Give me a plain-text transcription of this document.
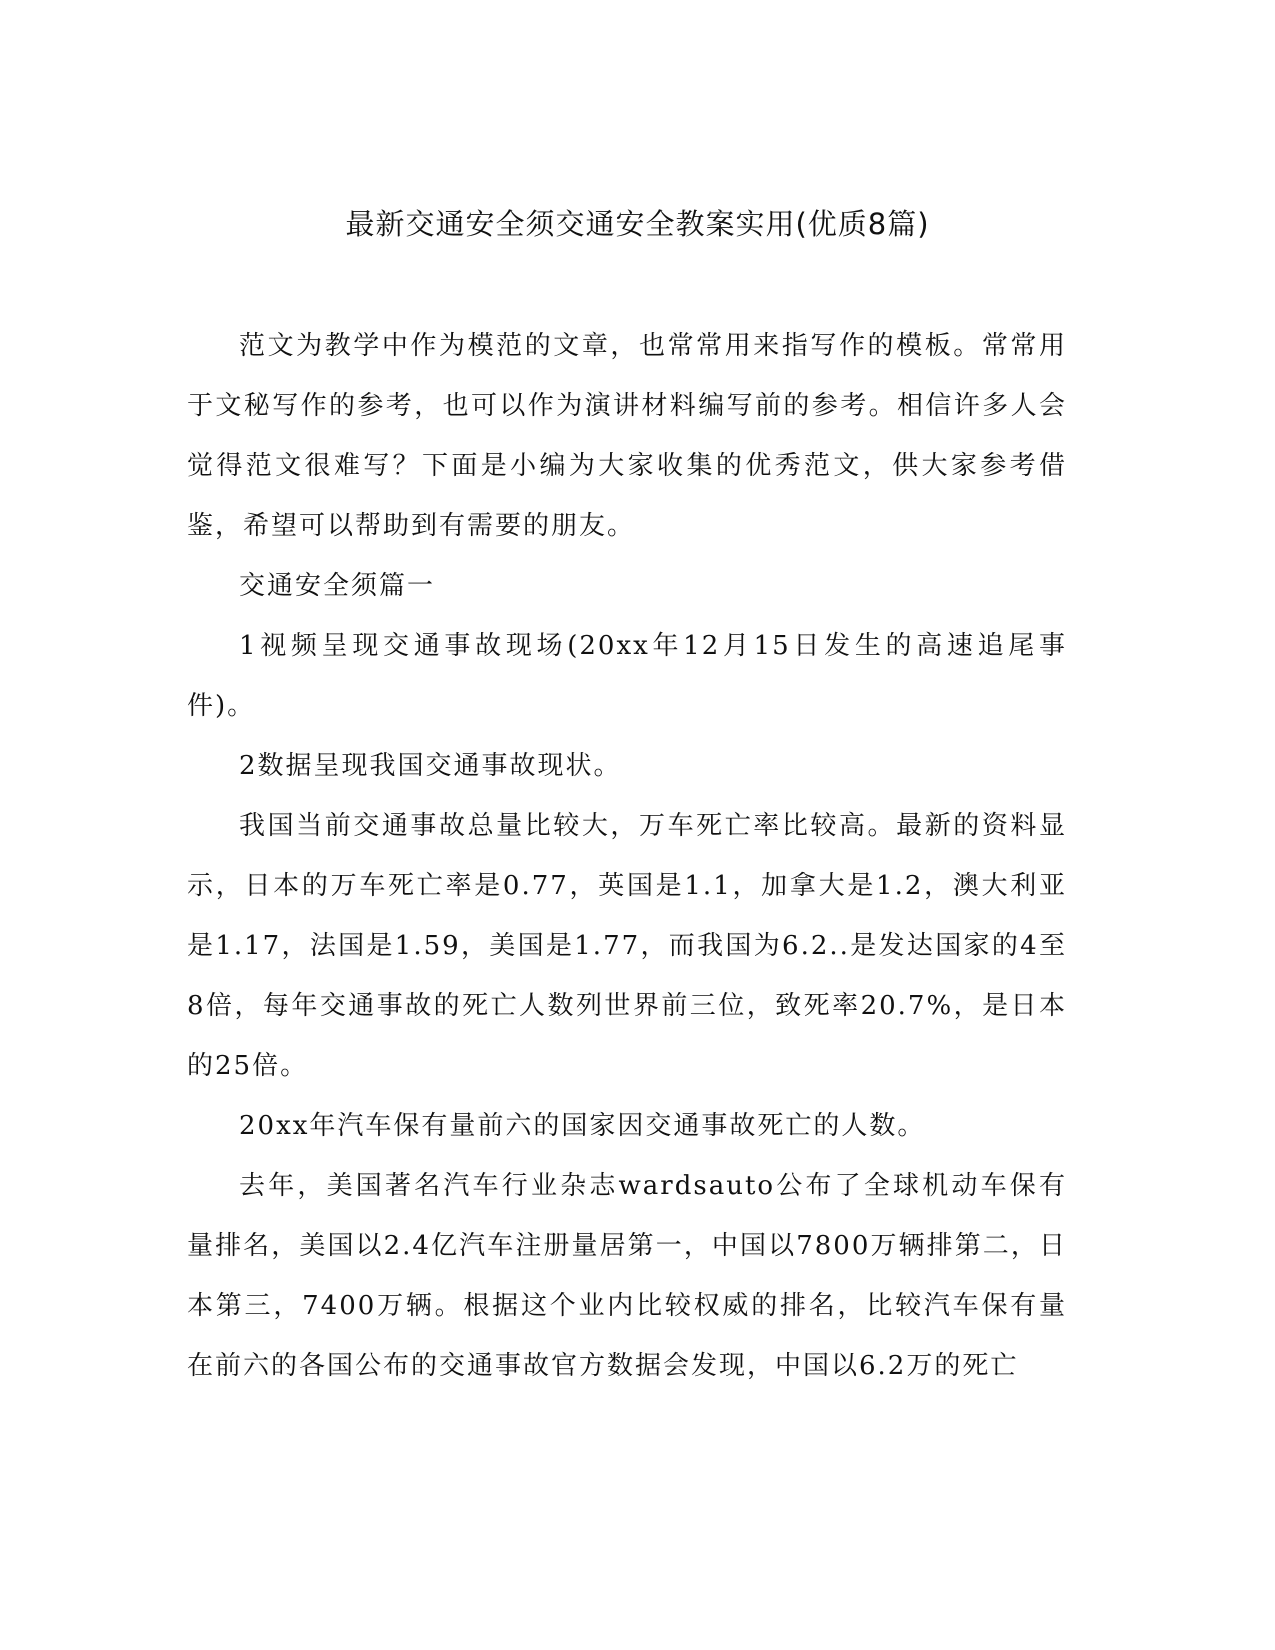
最新交通安全须交通安全教案实用(优质8篇)

范文为教学中作为模范的文章，也常常用来指写作的模板。常常用于文秘写作的参考，也可以作为演讲材料编写前的参考。相信许多人会觉得范文很难写？下面是小编为大家收集的优秀范文，供大家参考借鉴，希望可以帮助到有需要的朋友。

交通安全须篇一

1视频呈现交通事故现场(20xx年12月15日发生的高速追尾事件)。

2数据呈现我国交通事故现状。

我国当前交通事故总量比较大，万车死亡率比较高。最新的资料显示，日本的万车死亡率是0.77，英国是1.1，加拿大是1.2，澳大利亚是1.17，法国是1.59，美国是1.77，而我国为6.2..是发达国家的4至8倍，每年交通事故的死亡人数列世界前三位，致死率20.7%，是日本的25倍。

20xx年汽车保有量前六的国家因交通事故死亡的人数。

去年，美国著名汽车行业杂志wardsauto公布了全球机动车保有量排名，美国以2.4亿汽车注册量居第一，中国以7800万辆排第二，日本第三，7400万辆。根据这个业内比较权威的排名，比较汽车保有量在前六的各国公布的交通事故官方数据会发现，中国以6.2万的死亡
